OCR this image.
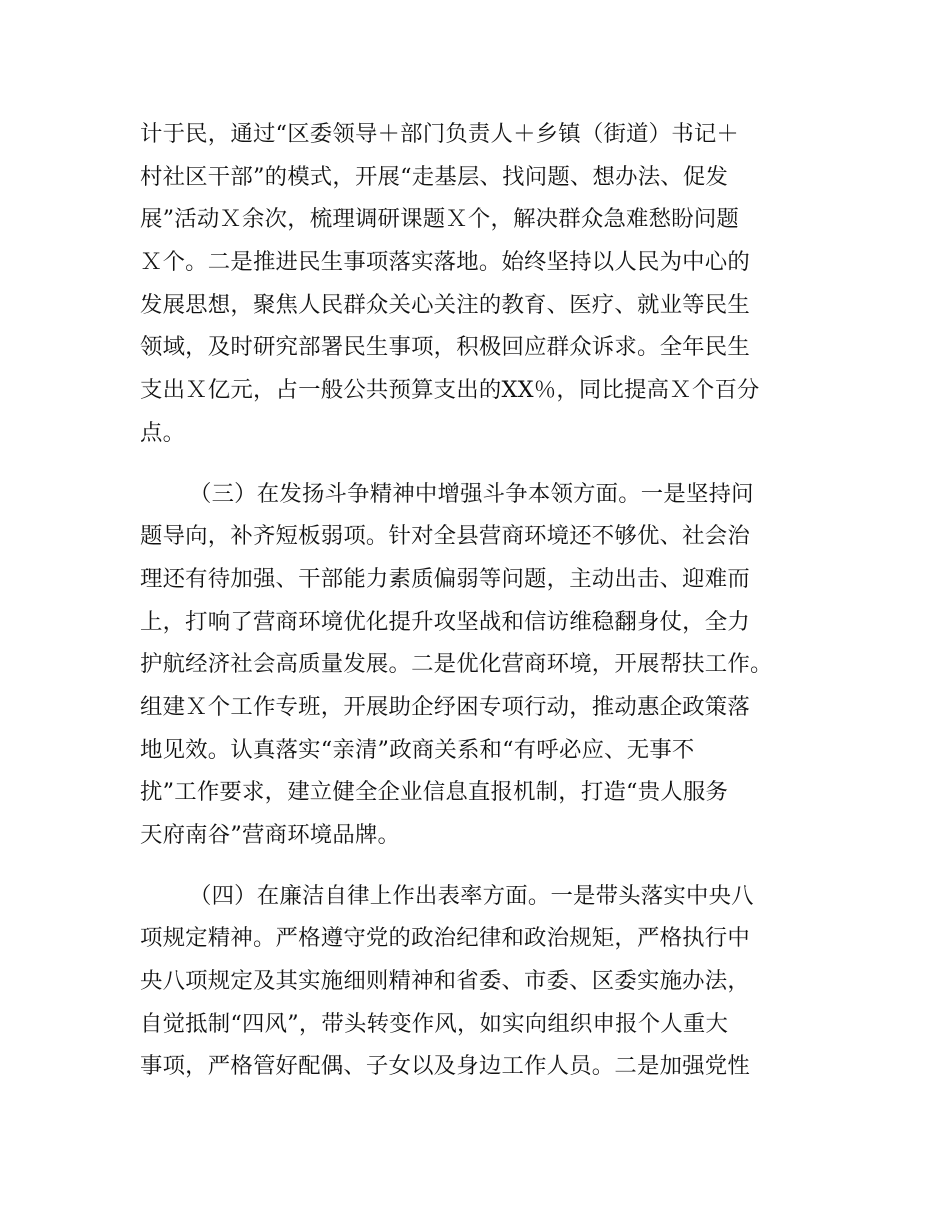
计于民，通过“区委领导＋部门负责人＋乡镇（街道）书记＋
村社区干部”的模式，开展“走基层、找问题、想办法、促发
展”活动Ｘ余次，梳理调研课题Ｘ个，解决群众急难愁盼问题
Ｘ个。二是推进民生事项落实落地。始终坚持以人民为中心的
发展思想，聚焦人民群众关心关注的教育、医疗、就业等民生
领域，及时研究部署民生事项，积极回应群众诉求。全年民生
支出Ｘ亿元，占一般公共预算支出的XX％，同比提高Ｘ个百分
点。
（三）在发扬斗争精神中增强斗争本领方面。一是坚持问
题导向，补齐短板弱项。针对全县营商环境还不够优、社会治
理还有待加强、干部能力素质偏弱等问题，主动出击、迎难而
上，打响了营商环境优化提升攻坚战和信访维稳翻身仗，全力
护航经济社会高质量发展。二是优化营商环境，开展帮扶工作。
组建Ｘ个工作专班，开展助企纾困专项行动，推动惠企政策落
地见效。认真落实“亲清”政商关系和“有呼必应、无事不
扰”工作要求，建立健全企业信息直报机制，打造“贵人服务
天府南谷”营商环境品牌。
（四）在廉洁自律上作出表率方面。一是带头落实中央八
项规定精神。严格遵守党的政治纪律和政治规矩，严格执行中
央八项规定及其实施细则精神和省委、市委、区委实施办法，
自觉抵制“四风”，带头转变作风，如实向组织申报个人重大
事项，严格管好配偶、子女以及身边工作人员。二是加强党性
